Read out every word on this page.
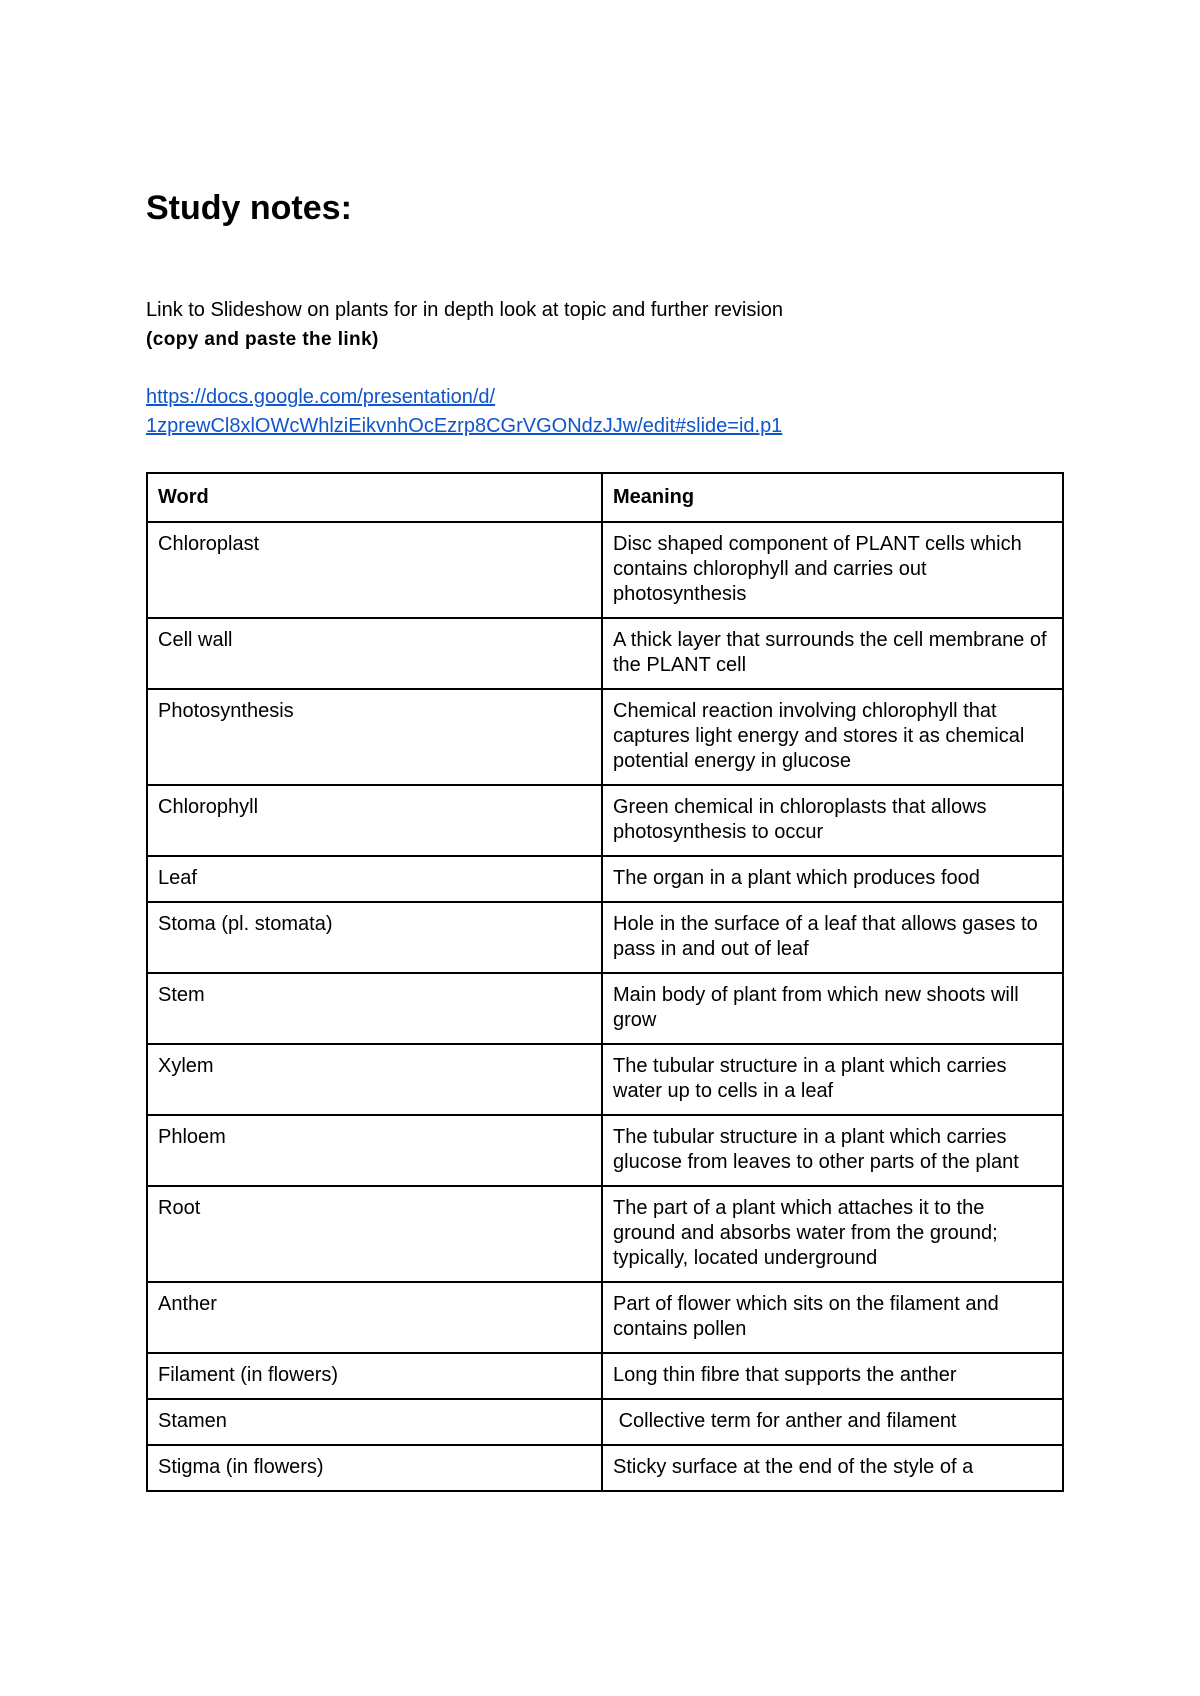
Study notes:
Link to Slideshow on plants for in depth look at topic and further revision
(copy and paste the link)
https://docs.google.com/presentation/d/
1zprewCl8xlOWcWhlziEikvnhOcEzrp8CGrVGONdzJJw/edit#slide=id.p1
Word	Meaning
Chloroplast	Disc shaped component of PLANT cells which contains chlorophyll and carries out photosynthesis
Cell wall	A thick layer that surrounds the cell membrane of the PLANT cell
Photosynthesis	Chemical reaction involving chlorophyll that captures light energy and stores it as chemical potential energy in glucose
Chlorophyll	Green chemical in chloroplasts that allows photosynthesis to occur
Leaf	The organ in a plant which produces food
Stoma (pl. stomata)	Hole in the surface of a leaf that allows gases to pass in and out of leaf
Stem	Main body of plant from which new shoots will grow
Xylem	The tubular structure in a plant which carries water up to cells in a leaf
Phloem	The tubular structure in a plant which carries glucose from leaves to other parts of the plant
Root	The part of a plant which attaches it to the ground and absorbs water from the ground; typically, located underground
Anther	Part of flower which sits on the filament and contains pollen
Filament (in flowers)	Long thin fibre that supports the anther
Stamen	Collective term for anther and filament
Stigma (in flowers)	Sticky surface at the end of the style of a
